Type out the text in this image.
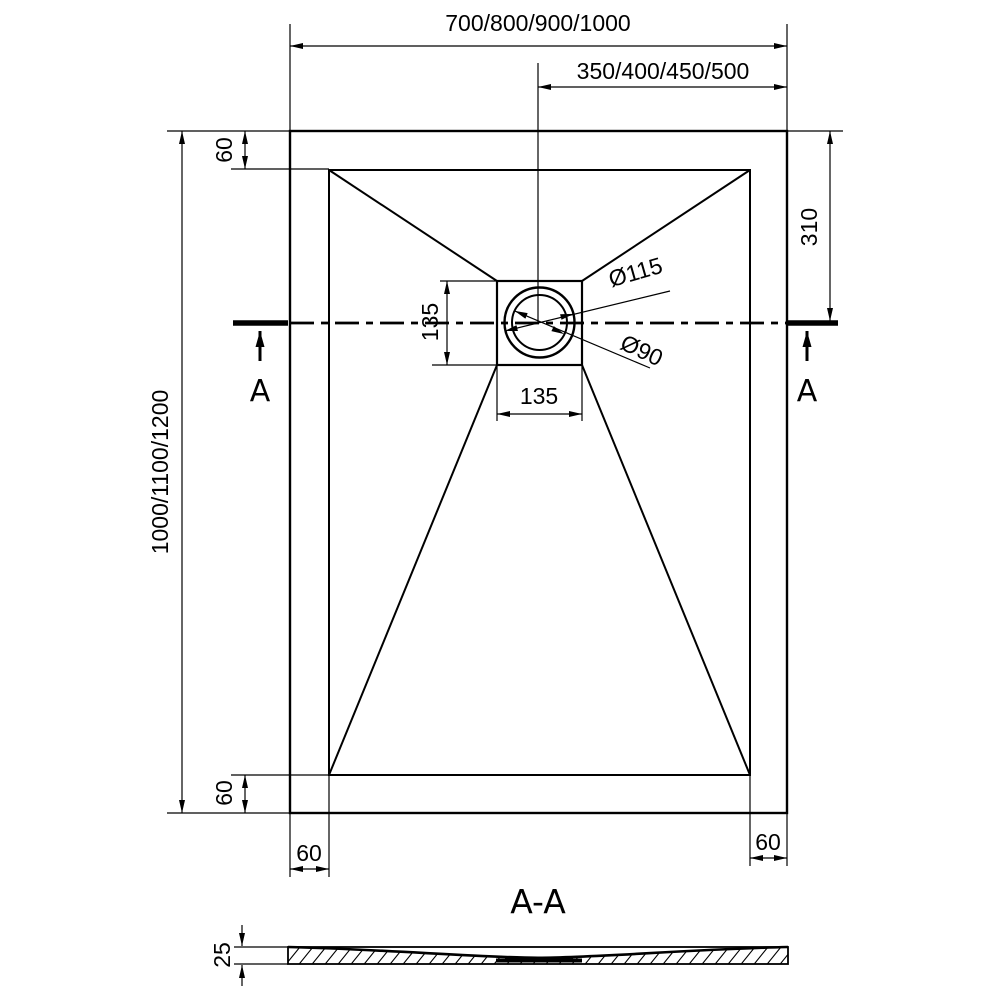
A	A
700/800/900/1000
350/400/450/500
1000/1100/1200
60
60
310
135
135
60	60
Ø115
Ø90
A-A
25
